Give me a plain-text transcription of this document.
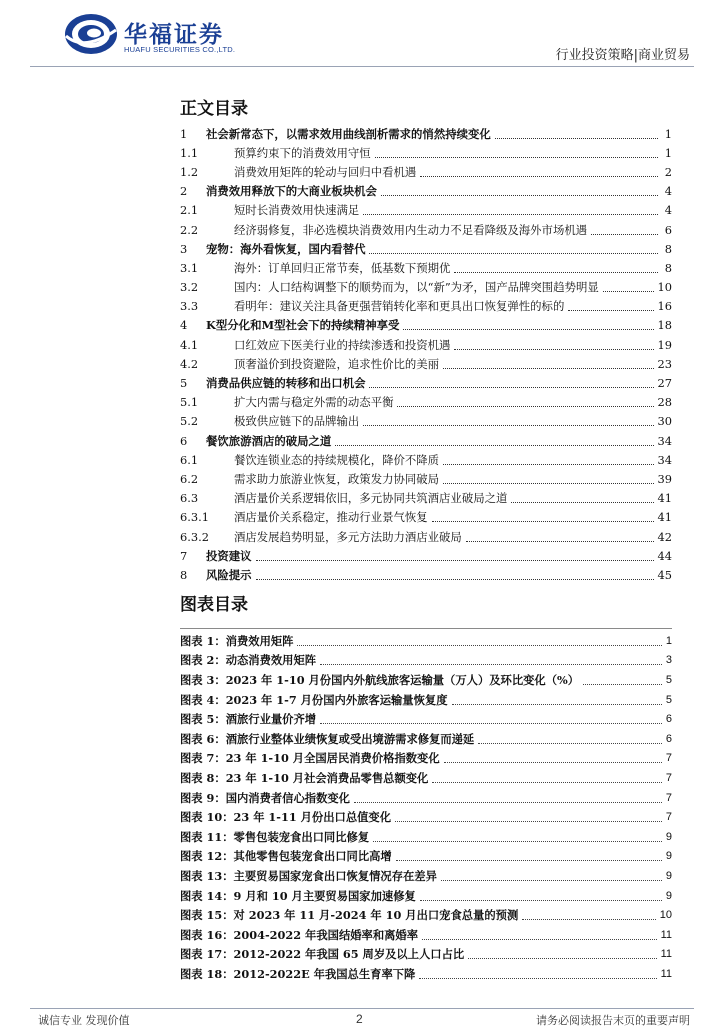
华福证券
HUAFU SECURITIES CO.,LTD.	行业投资策略|商业贸易
正文目录
1	社会新常态下，以需求效用曲线剖析需求的悄然持续变化	1
1.1	预算约束下的消费效用守恒	1
1.2	消费效用矩阵的轮动与回归中看机遇	2
2	消费效用释放下的大商业板块机会	4
2.1	短时长消费效用快速满足	4
2.2	经济弱修复，非必选模块消费效用内生动力不足看降级及海外市场机遇	6
3	宠物：海外看恢复，国内看替代	8
3.1	海外：订单回归正常节奏，低基数下预期优	8
3.2	国内：人口结构调整下的顺势而为，以“新”为矛，国产品牌突围趋势明显	10
3.3	看明年：建议关注具备更强营销转化率和更具出口恢复弹性的标的	16
4	K型分化和M型社会下的持续精神享受	18
4.1	口红效应下医美行业的持续渗透和投资机遇	19
4.2	顶奢溢价到投资避险，追求性价比的美丽	23
5	消费品供应链的转移和出口机会	27
5.1	扩大内需与稳定外需的动态平衡	28
5.2	极致供应链下的品牌输出	30
6	餐饮旅游酒店的破局之道	34
6.1	餐饮连锁业态的持续规模化，降价不降质	34
6.2	需求助力旅游业恢复，政策发力协同破局	39
6.3	酒店量价关系逻辑依旧，多元协同共筑酒店业破局之道	41
6.3.1	酒店量价关系稳定，推动行业景气恢复	41
6.3.2	酒店发展趋势明显，多元方法助力酒店业破局	42
7	投资建议	44
8	风险提示	45
图表目录
图表 1： 消费效用矩阵	1
图表 2： 动态消费效用矩阵	3
图表 3： 2023 年 1-10 月份国内外航线旅客运输量（万人）及环比变化（%）	5
图表 4： 2023 年 1-7 月份国内外旅客运输量恢复度	5
图表 5： 酒旅行业量价齐增	6
图表 6： 酒旅行业整体业绩恢复或受出境游需求修复而递延	6
图表 7： 23 年 1-10 月全国居民消费价格指数变化	7
图表 8： 23 年 1-10 月社会消费品零售总额变化	7
图表 9： 国内消费者信心指数变化	7
图表 10： 23 年 1-11 月份出口总值变化	7
图表 11： 零售包装宠食出口同比修复	9
图表 12： 其他零售包装宠食出口同比高增	9
图表 13： 主要贸易国家宠食出口恢复情况存在差异	9
图表 14： 9 月和 10 月主要贸易国家加速修复	9
图表 15： 对 2023 年 11 月-2024 年 10 月出口宠食总量的预测	10
图表 16： 2004-2022 年我国结婚率和离婚率	11
图表 17： 2012-2022 年我国 65 周岁及以上人口占比	11
图表 18： 2012-2022E 年我国总生育率下降	11
诚信专业 发现价值	2	请务必阅读报告末页的重要声明
